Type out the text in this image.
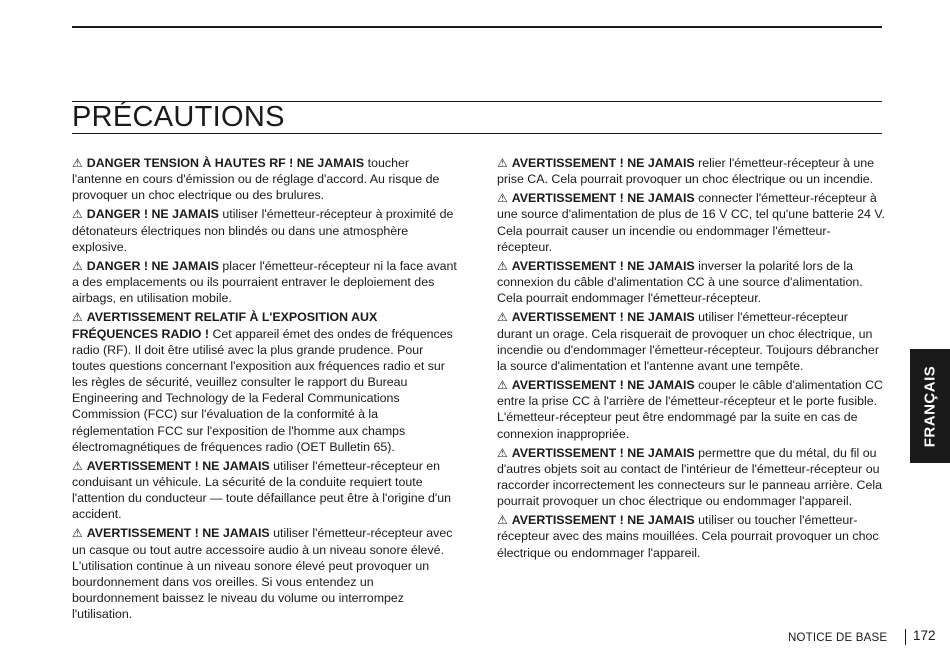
PRÉCAUTIONS

⚠ DANGER TENSION À HAUTES RF ! NE JAMAIS toucher l'antenne en cours d'émission ou de réglage d'accord. Au risque de provoquer un choc electrique ou des brulures.

⚠ DANGER ! NE JAMAIS utiliser l'émetteur-récepteur à proximité de détonateurs électriques non blindés ou dans une atmosphère explosive.

⚠ DANGER ! NE JAMAIS placer l'émetteur-récepteur ni la face avant a des emplacements ou ils pourraient entraver le deploiement des airbags, en utilisation mobile.

⚠ AVERTISSEMENT RELATIF À L'EXPOSITION AUX FRÉQUENCES RADIO ! Cet appareil émet des ondes de fréquences radio (RF). Il doit être utilisé avec la plus grande prudence. Pour toutes questions concernant l'exposition aux fréquences radio et sur les règles de sécurité, veuillez consulter le rapport du Bureau Engineering and Technology de la Federal Communications Commission (FCC) sur l'évaluation de la conformité à la réglementation FCC sur l'exposition de l'homme aux champs électromagnétiques de fréquences radio (OET Bulletin 65).

⚠ AVERTISSEMENT ! NE JAMAIS utiliser l'émetteur-récepteur en conduisant un véhicule. La sécurité de la conduite requiert toute l'attention du conducteur — toute défaillance peut être à l'origine d'un accident.

⚠ AVERTISSEMENT ! NE JAMAIS utiliser l'émetteur-récepteur avec un casque ou tout autre accessoire audio à un niveau sonore élevé. L'utilisation continue à un niveau sonore élevé peut provoquer un bourdonnement dans vos oreilles. Si vous entendez un bourdonnement baissez le niveau du volume ou interrompez l'utilisation.

⚠ AVERTISSEMENT ! NE JAMAIS relier l'émetteur-récepteur à une prise CA. Cela pourrait provoquer un choc électrique ou un incendie.

⚠ AVERTISSEMENT ! NE JAMAIS connecter l'émetteur-récepteur à une source d'alimentation de plus de 16 V CC, tel qu'une batterie 24 V. Cela pourrait causer un incendie ou endommager l'émetteur-récepteur.

⚠ AVERTISSEMENT ! NE JAMAIS inverser la polarité lors de la connexion du câble d'alimentation CC à une source d'alimentation. Cela pourrait endommager l'émetteur-récepteur.

⚠ AVERTISSEMENT ! NE JAMAIS utiliser l'émetteur-récepteur durant un orage. Cela risquerait de provoquer un choc électrique, un incendie ou d'endommager l'émetteur-récepteur. Toujours débrancher la source d'alimentation et l'antenne avant une tempête.

⚠ AVERTISSEMENT ! NE JAMAIS couper le câble d'alimentation CC entre la prise CC à l'arrière de l'émetteur-récepteur et le porte fusible. L'émetteur-récepteur peut être endommagé par la suite en cas de connexion inappropriée.

⚠ AVERTISSEMENT ! NE JAMAIS permettre que du métal, du fil ou d'autres objets soit au contact de l'intérieur de l'émetteur-récepteur ou raccorder incorrectement les connecteurs sur le panneau arrière. Cela pourrait provoquer un choc électrique ou endommager l'appareil.

⚠ AVERTISSEMENT ! NE JAMAIS utiliser ou toucher l'émetteur-récepteur avec des mains mouillées. Cela pourrait provoquer un choc électrique ou endommager l'appareil.

FRANÇAIS
NOTICE DE BASE 172
